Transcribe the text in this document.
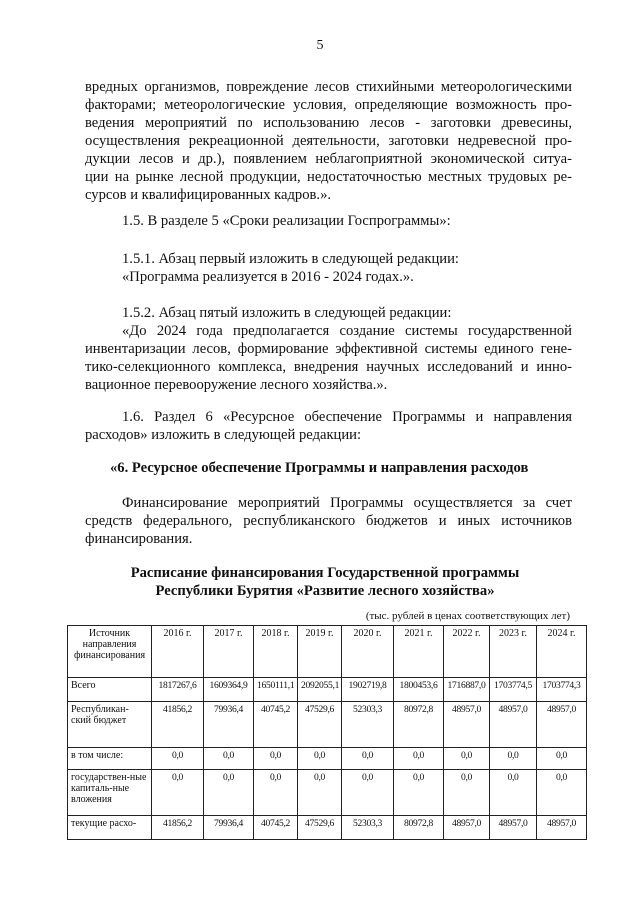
5
вредных организмов, повреждение лесов стихийными метеорологическими
факторами; метеорологические условия, определяющие возможность про-
ведения мероприятий по использованию лесов - заготовки древесины,
осуществления рекреационной деятельности, заготовки недревесной про-
дукции лесов и др.), появлением неблагоприятной экономической ситуа-
ции на рынке лесной продукции, недостаточностью местных трудовых ре-
сурсов и квалифицированных кадров.».
1.5. В разделе 5 «Сроки реализации Госпрограммы»:
1.5.1. Абзац первый изложить в следующей редакции:
«Программа реализуется в 2016 - 2024 годах.».
1.5.2. Абзац пятый изложить в следующей редакции:
«До 2024 года предполагается создание системы государственной инвентаризации лесов, формирование эффективной системы единого гене-тико-селекционного комплекса, внедрения научных исследований и инно-вационное перевооружение лесного хозяйства.».
1.6. Раздел 6 «Ресурсное обеспечение Программы и направления расходов» изложить в следующей редакции:
«6. Ресурсное обеспечение Программы и направления расходов
Финансирование мероприятий Программы осуществляется за счет средств федерального, республиканского бюджетов и иных источников финансирования.
Расписание финансирования Государственной программы
Республики Бурятия «Развитие лесного хозяйства»
(тыс. рублей в ценах соответствующих лет)
Источник направления финансирования	2016 г.	2017 г.	2018 г.	2019 г.	2020 г.	2021 г.	2022 г.	2023 г.	2024 г.
Всего	1817267,6	1609364,9	1650111,1	2092055,1	1902719,8	1800453,6	1716887,0	1703774,5	1703774,3
Республикан-ский бюджет	41856,2	79936,4	40745,2	47529,6	52303,3	80972,8	48957,0	48957,0	48957,0
в том числе:	0,0	0,0	0,0	0,0	0,0	0,0	0,0	0,0	0,0
государствен-ные капиталь-ные вложения	0,0	0,0	0,0	0,0	0,0	0,0	0,0	0,0	0,0
текущие расхо-	41856,2	79936,4	40745,2	47529,6	52303,3	80972,8	48957,0	48957,0	48957,0
